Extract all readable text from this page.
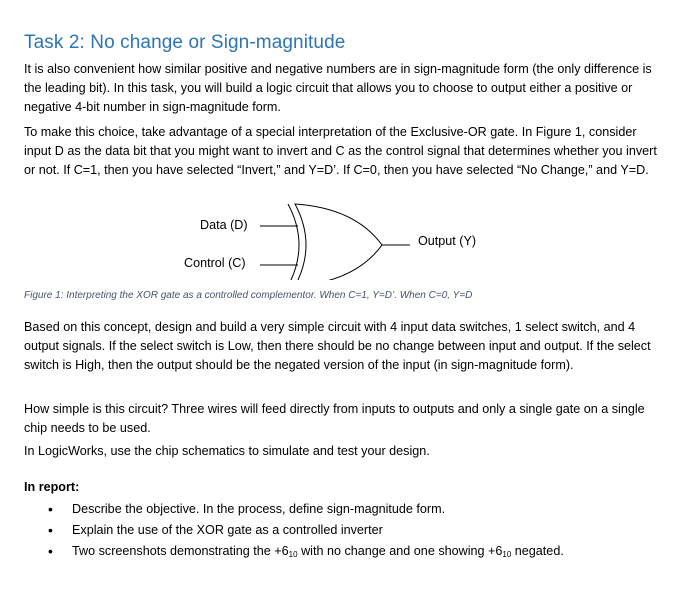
Task 2: No change or Sign-magnitude
It is also convenient how similar positive and negative numbers are in sign-magnitude form (the only difference is the leading bit). In this task, you will build a logic circuit that allows you to choose to output either a positive or negative 4-bit number in sign-magnitude form.
To make this choice, take advantage of a special interpretation of the Exclusive-OR gate. In Figure 1, consider input D as the data bit that you might want to invert and C as the control signal that determines whether you invert or not. If C=1, then you have selected “Invert,” and Y=D’. If C=0, then you have selected “No Change,” and Y=D.
Data (D)
Control (C)
Output (Y)
Figure 1: Interpreting the XOR gate as a controlled complementor. When C=1, Y=D’. When C=0, Y=D
Based on this concept, design and build a very simple circuit with 4 input data switches, 1 select switch, and 4 output signals. If the select switch is Low, then there should be no change between input and output. If the select switch is High, then the output should be the negated version of the input (in sign-magnitude form).
How simple is this circuit? Three wires will feed directly from inputs to outputs and only a single gate on a single chip needs to be used.
In LogicWorks, use the chip schematics to simulate and test your design.
In report:
• Describe the objective. In the process, define sign-magnitude form.
• Explain the use of the XOR gate as a controlled inverter
• Two screenshots demonstrating the $+6_{10}$ with no change and one showing $+6_{10}$ negated.
